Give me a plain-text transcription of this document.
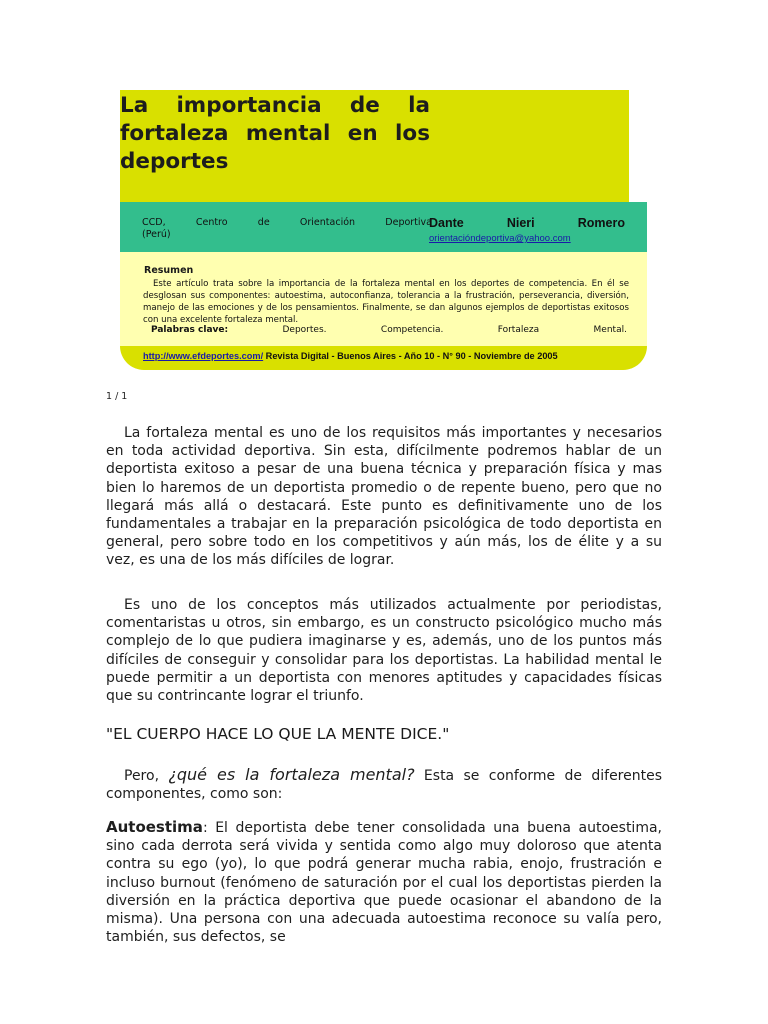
La importancia de la fortaleza mental en los deportes
CCD, Centro de Orientación Deportiva
(Perú)
Dante Nieri Romero
orientacióndeportiva@yahoo.com
Resumen

Este artículo trata sobre la importancia de la fortaleza mental en los deportes de competencia. En él se desglosan sus componentes: autoestima, autoconfianza, tolerancia a la frustración, perseverancia, diversión, manejo de las emociones y de los pensamientos. Finalmente, se dan algunos ejemplos de deportistas exitosos con una excelente fortaleza mental.

Palabras clave:	Deportes.	Competencia.	Fortaleza	Mental.
http://www.efdeportes.com/ Revista Digital - Buenos Aires - Año 10 - N° 90 - Noviembre de 2005
1 / 1

La fortaleza mental es uno de los requisitos más importantes y necesarios en toda actividad deportiva. Sin esta, difícilmente podremos hablar de un deportista exitoso a pesar de una buena técnica y preparación física y mas bien lo haremos de un deportista promedio o de repente bueno, pero que no llegará más allá o destacará. Este punto es definitivamente uno de los fundamentales a trabajar en la preparación psicológica de todo deportista en general, pero sobre todo en los competitivos y aún más, los de élite y a su vez, es una de los más difíciles de lograr.

Es uno de los conceptos más utilizados actualmente por periodistas, comentaristas u otros, sin embargo, es un constructo psicológico mucho más complejo de lo que pudiera imaginarse y es, además, uno de los puntos más difíciles de conseguir y consolidar para los deportistas. La habilidad mental le puede permitir a un deportista con menores aptitudes y capacidades físicas que su contrincante lograr el triunfo.

"EL CUERPO HACE LO QUE LA MENTE DICE."

Pero, ¿qué es la fortaleza mental? Esta se conforme de diferentes componentes, como son:

Autoestima: El deportista debe tener consolidada una buena autoestima, sino cada derrota será vivida y sentida como algo muy doloroso que atenta contra su ego (yo), lo que podrá generar mucha rabia, enojo, frustración e incluso burnout (fenómeno de saturación por el cual los deportistas pierden la diversión en la práctica deportiva que puede ocasionar el abandono de la misma). Una persona con una adecuada autoestima reconoce su valía pero, también, sus defectos, se
